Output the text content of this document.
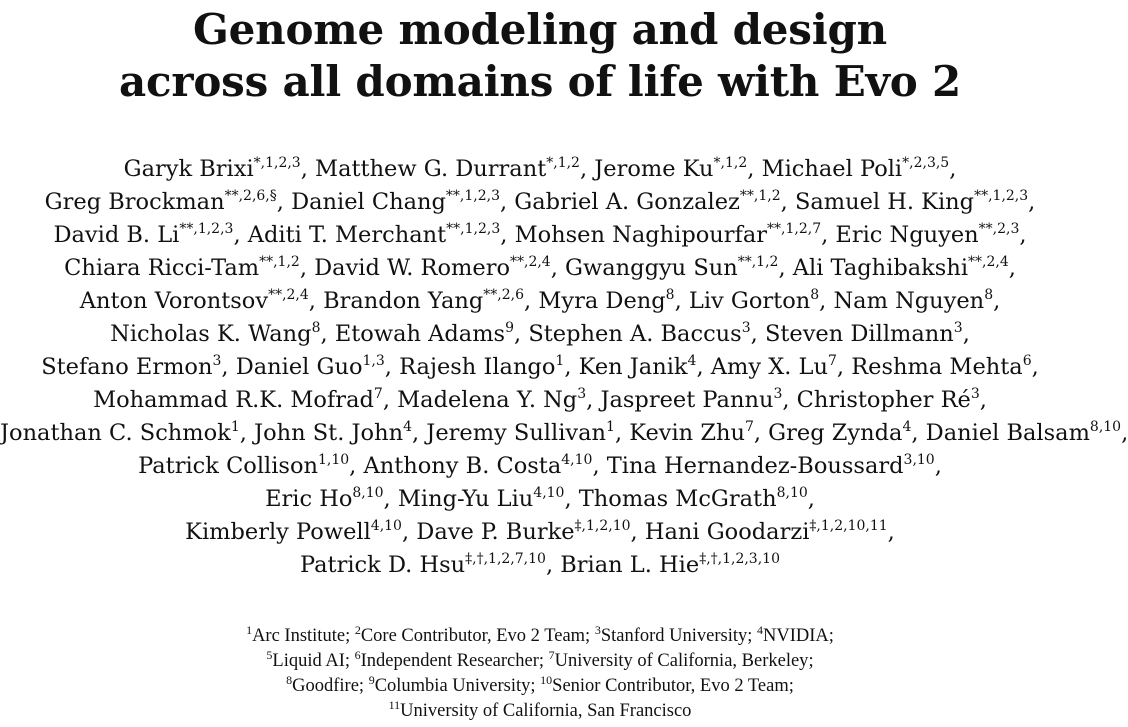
Genome modeling and design
across all domains of life with Evo 2
Garyk Brixi$^{*,1,2,3}$, Matthew G. Durrant$^{*,1,2}$, Jerome $Ku^{*,1,2}$, Michael Poli$^{*,2,3,5}$,
Greg Brockman$^{**,2,6,\S}$, Daniel Chang$^{**,1,2,3}$, Gabriel A. Gonzalez$^{**,1,2}$, Samuel H. King$^{**,1,2,3}$,
David B. $Li^{**,1,2,3}$, Aditi T. Merchant$^{**,1,2,3}$, Mohsen Naghipourfar$^{**,1,2,7}$, Eric Nguyen$^{**,2,3}$,
Chiara Ricci-Tam$^{**,1,2}$, David W. Romero$^{**,2,4}$, Gwanggyu Sun$^{**,1,2}$, Ali Taghibakshi$^{**,2,4}$,
Anton Vorontsov$^{**,2,4}$, Brandon Yang$^{**,2,6}$, Myra Deng$^8$, Liv Gorton$^8$, Nam Nguyen$^8$,
Nicholas K. Wang$^8$, Etowah Adams$^9$, Stephen A. Baccus$^3$, Steven Dillmann$^3$,
Stefano Ermon$^3$, Daniel Guo$^{1,3}$, Rajesh Ilango$^1$, Ken Janik$^4$, Amy X. Lu$^7$, Reshma Mehta$^6$,
Mohammad R.K. Mofrad$^7$, Madelena Y. Ng$^3$, Jaspreet Pannu$^3$, Christopher $Ré^3$,
Jonathan C. Schmok$^1$, John St. John$^4$, Jeremy Sullivan$^1$, Kevin Zhu$^7$, Greg Zynda$^4$, Daniel Balsam$^{8,10}$,
Patrick Collison$^{1,10}$, Anthony B. Costa$^{4,10}$, Tina Hernandez-Boussard$^{3,10}$,
Eric Ho$^{8,10}$, Ming-Yu Liu$^{4,10}$, Thomas McGrath$^{8,10}$,
Kimberly Powell$^{4,10}$, Dave P. Burke$^{\ddagger,1,2,10}$, Hani Goodarzi$^{\ddagger,1,2,10,11}$,
Patrick D. Hsu$^{\ddagger,\dagger,1,2,7,10}$, Brian L. Hie$^{\ddagger,\dagger,1,2,3,10}$
$^1$Arc Institute; $^2$Core Contributor, Evo 2 Team; $^3$Stanford University; $^4$NVIDIA;
$^5$Liquid AI; $^6$Independent Researcher; $^7$University of California, Berkeley;
$^8$Goodfire; $^9$Columbia University; $^{10}$Senior Contributor, Evo 2 Team;
$^{11}$University of California, San Francisco
